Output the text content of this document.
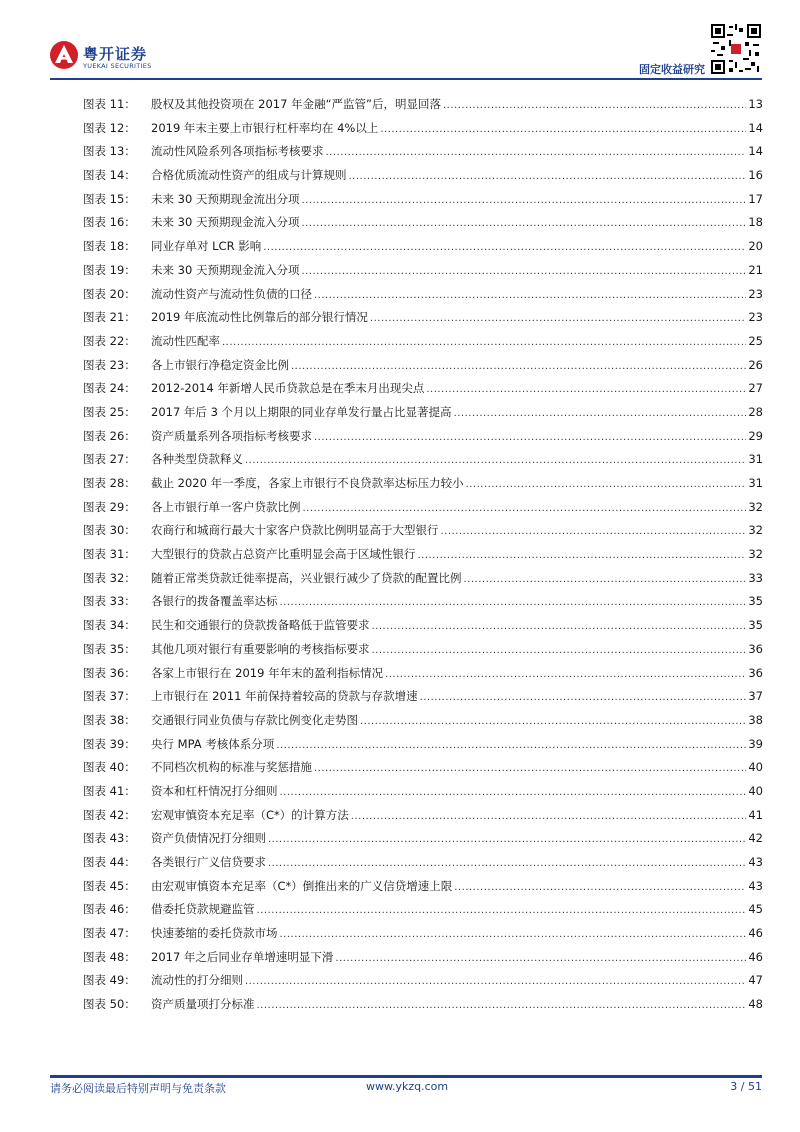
粤开证券
YUEKAI SECURITIES	固定收益研究
图表 11：	股权及其他投资项在 2017 年金融“严监管”后，明显回落 .....	13
图表 12：	2019 年末主要上市银行杠杆率均在 4%以上 .....	14
图表 13：	流动性风险系列各项指标考核要求 .....	14
图表 14：	合格优质流动性资产的组成与计算规则 .....	16
图表 15：	未来 30 天预期现金流出分项 .....	17
图表 16：	未来 30 天预期现金流入分项 .....	18
图表 18：	同业存单对 LCR 影响 .....	20
图表 19：	未来 30 天预期现金流入分项 .....	21
图表 20：	流动性资产与流动性负债的口径 .....	23
图表 21：	2019 年底流动性比例靠后的部分银行情况 .....	23
图表 22：	流动性匹配率 .....	25
图表 23：	各上市银行净稳定资金比例 .....	26
图表 24：	2012-2014 年新增人民币贷款总是在季末月出现尖点 .....	27
图表 25：	2017 年后 3 个月以上期限的同业存单发行量占比显著提高 .....	28
图表 26：	资产质量系列各项指标考核要求 .....	29
图表 27：	各种类型贷款释义 .....	31
图表 28：	截止 2020 年一季度，各家上市银行不良贷款率达标压力较小 .....	31
图表 29：	各上市银行单一客户贷款比例 .....	32
图表 30：	农商行和城商行最大十家客户贷款比例明显高于大型银行 .....	32
图表 31：	大型银行的贷款占总资产比重明显会高于区域性银行 .....	32
图表 32：	随着正常类贷款迁徙率提高，兴业银行减少了贷款的配置比例 .....	33
图表 33：	各银行的拨备覆盖率达标 .....	35
图表 34：	民生和交通银行的贷款拨备略低于监管要求 .....	35
图表 35：	其他几项对银行有重要影响的考核指标要求 .....	36
图表 36：	各家上市银行在 2019 年年末的盈利指标情况 .....	36
图表 37：	上市银行在 2011 年前保持着较高的贷款与存款增速 .....	37
图表 38：	交通银行同业负债与存款比例变化走势图 .....	38
图表 39：	央行 MPA 考核体系分项 .....	39
图表 40：	不同档次机构的标准与奖惩措施 .....	40
图表 41：	资本和杠杆情况打分细则 .....	40
图表 42：	宏观审慎资本充足率（C*）的计算方法 .....	41
图表 43：	资产负债情况打分细则 .....	42
图表 44：	各类银行广义信贷要求 .....	43
图表 45：	由宏观审慎资本充足率（C*）倒推出来的广义信贷增速上限 .....	43
图表 46：	借委托贷款规避监管 .....	45
图表 47：	快速萎缩的委托贷款市场 .....	46
图表 48：	2017 年之后同业存单增速明显下滑 .....	46
图表 49：	流动性的打分细则 .....	47
图表 50：	资产质量项打分标准 .....	48
请务必阅读最后特别声明与免责条款	www.ykzq.com	3 / 51
